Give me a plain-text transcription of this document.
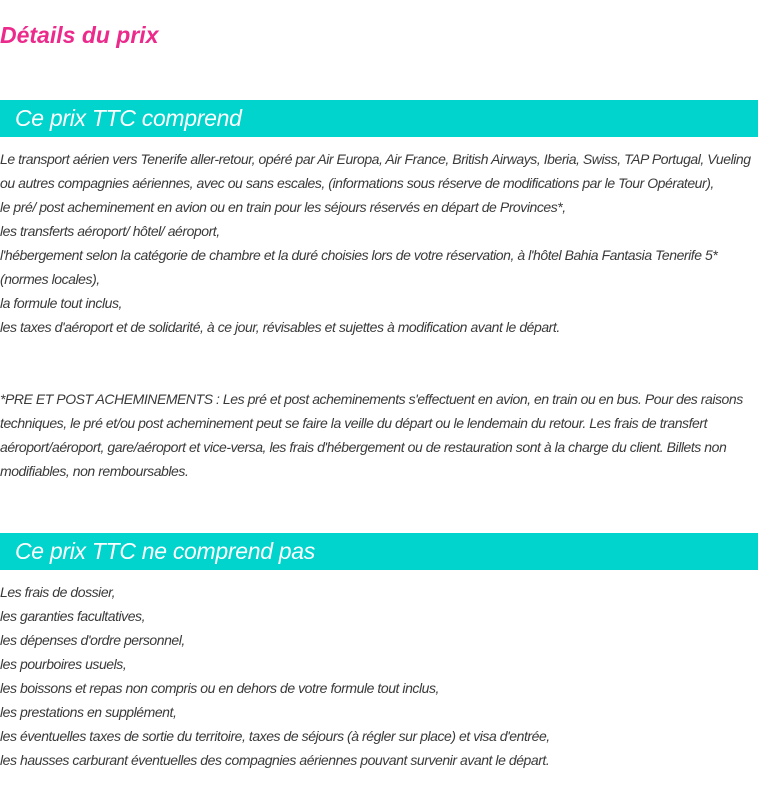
Détails du prix
Ce prix TTC comprend

Le transport aérien vers Tenerife aller-retour, opéré par Air Europa, Air France, British Airways, Iberia, Swiss, TAP Portugal, Vueling ou autres compagnies aériennes, avec ou sans escales, (informations sous réserve de modifications par le Tour Opérateur),

le pré/ post acheminement en avion ou en train pour les séjours réservés en départ de Provinces*,

les transferts aéroport/ hôtel/ aéroport,

l'hébergement selon la catégorie de chambre et la duré choisies lors de votre réservation, à l'hôtel Bahia Fantasia Tenerife 5* (normes locales),

la formule tout inclus,

les taxes d'aéroport et de solidarité, à ce jour, révisables et sujettes à modification avant le départ.

*PRE ET POST ACHEMINEMENTS : Les pré et post acheminements s'effectuent en avion, en train ou en bus. Pour des raisons techniques, le pré et/ou post acheminement peut se faire la veille du départ ou le lendemain du retour. Les frais de transfert aéroport/aéroport, gare/aéroport et vice-versa, les frais d'hébergement ou de restauration sont à la charge du client. Billets non modifiables, non remboursables.

Ce prix TTC ne comprend pas

Les frais de dossier,

les garanties facultatives,

les dépenses d'ordre personnel,

les pourboires usuels,

les boissons et repas non compris ou en dehors de votre formule tout inclus,

les prestations en supplément,

les éventuelles taxes de sortie du territoire, taxes de séjours (à régler sur place) et visa d'entrée,

les hausses carburant éventuelles des compagnies aériennes pouvant survenir avant le départ.
